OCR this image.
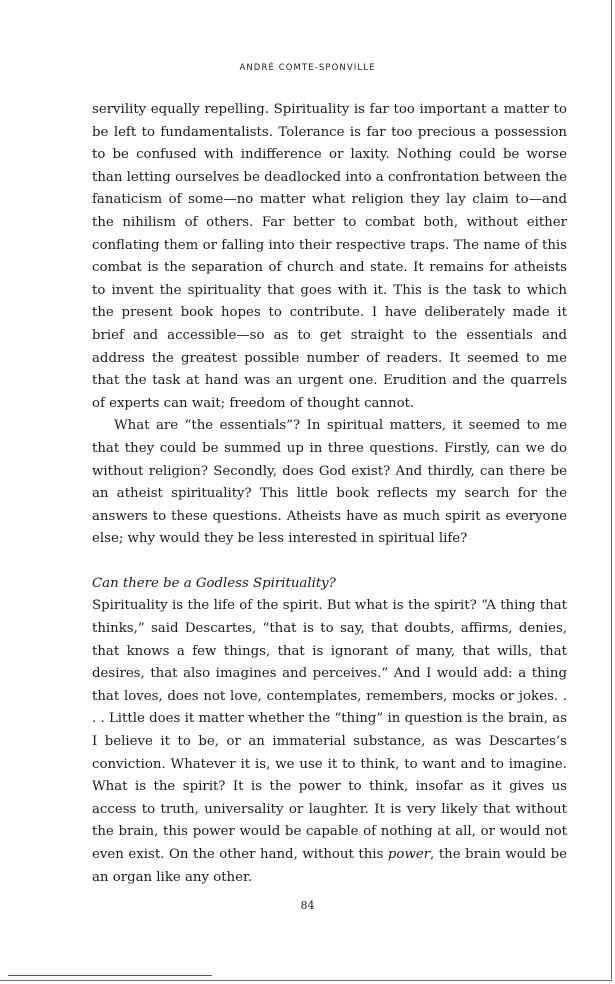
ANDRÉ COMTE-SPONVILLE

servility equally repelling. Spirituality is far too important a matter to be left to fundamentalists. Tolerance is far too precious a possession to be confused with indifference or laxity. Nothing could be worse than letting ourselves be deadlocked into a confrontation between the fanaticism of some—no matter what religion they lay claim to—and the nihilism of others. Far better to combat both, without either conflating them or falling into their respective traps. The name of this combat is the separation of church and state. It remains for atheists to invent the spirituality that goes with it. This is the task to which the present book hopes to contribute. I have deliberately made it brief and accessible—so as to get straight to the essentials and address the greatest possible number of readers. It seemed to me that the task at hand was an urgent one. Erudition and the quarrels of experts can wait; freedom of thought cannot.

What are “the essentials”? In spiritual matters, it seemed to me that they could be summed up in three questions. Firstly, can we do without religion? Secondly, does God exist? And thirdly, can there be an atheist spirituality? This little book reflects my search for the answers to these questions. Atheists have as much spirit as everyone else; why would they be less interested in spiritual life?

Can there be a Godless Spirituality?

Spirituality is the life of the spirit. But what is the spirit? “A thing that thinks,” said Descartes, “that is to say, that doubts, affirms, denies, that knows a few things, that is ignorant of many, that wills, that desires, that also imagines and perceives.” And I would add: a thing that loves, does not love, contemplates, remembers, mocks or jokes. . . . Little does it matter whether the “thing” in question is the brain, as I believe it to be, or an immaterial substance, as was Descartes’s conviction. Whatever it is, we use it to think, to want and to imagine. What is the spirit? It is the power to think, insofar as it gives us access to truth, universality or laughter. It is very likely that without the brain, this power would be capable of nothing at all, or would not even exist. On the other hand, without this power, the brain would be an organ like any other.

84
